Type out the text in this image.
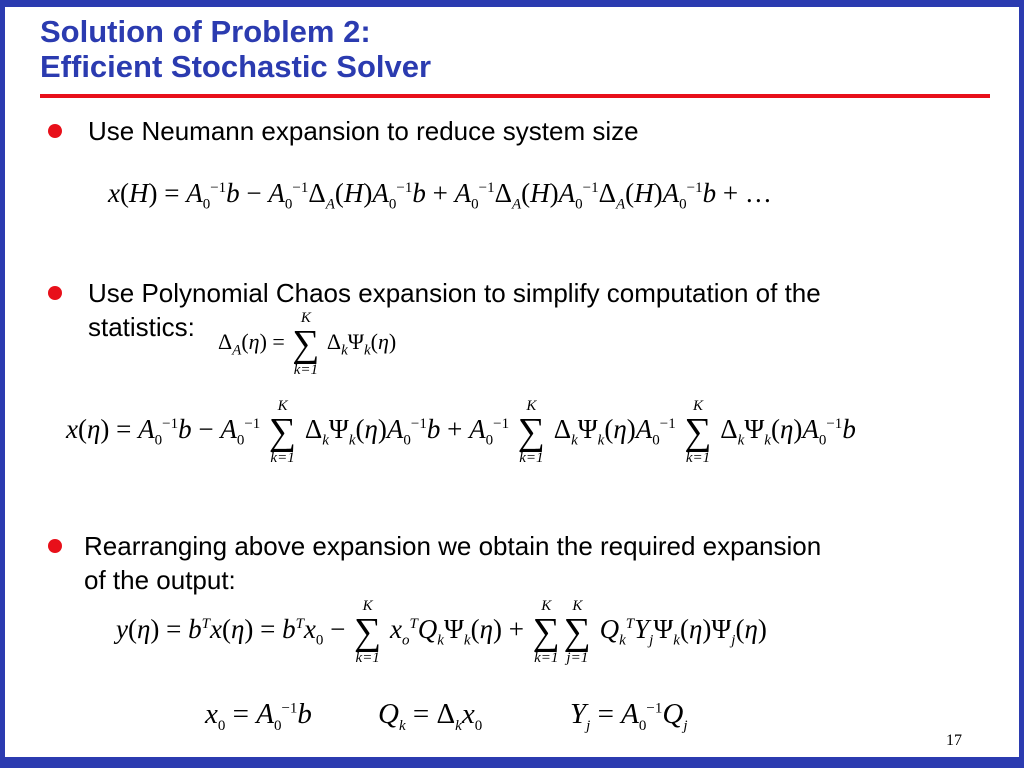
Solution of Problem 2:
Efficient Stochastic Solver
Use Neumann expansion to reduce system size
$x(H) = A_0^{-1}b - A_0^{-1}\Delta_A(H)A_0^{-1}b + A_0^{-1}\Delta_A(H)A_0^{-1}\Delta_A(H)A_0^{-1}b$ + …
Use Polynomial Chaos expansion to simplify computation of the
statistics: $\Delta_A(\eta)$ =
K
∑
k=1
$\Delta_k\Psi_k(\eta)$
$x(\eta) = A_0^{-1}b - A_0^{-1}$
K
∑
k=1
$\Delta_k\Psi_k(\eta)A_0^{-1}b + A_0^{-1}$
K
∑
k=1
$\Delta_k\Psi_k(\eta)A_0^{-1}$
K
∑
k=1
$\Delta_k\Psi_k(\eta)A_0^{-1}b$
Rearranging above expansion we obtain the required expansion
of the output:
$y(\eta) = b^Tx(\eta) = b^Tx_0$ −
K
∑
k=1
$x_o^TQ_k\Psi_k(\eta)$ +
K
∑
k=1
K
∑
j=1
$Q_k^TY_j\Psi_k(\eta)\Psi_j(\eta)$
$x_0 = A_0^{-1}b$ $Q_k = \Delta_kx_0$	$Y_j = A_0^{-1}Q_j$
17
